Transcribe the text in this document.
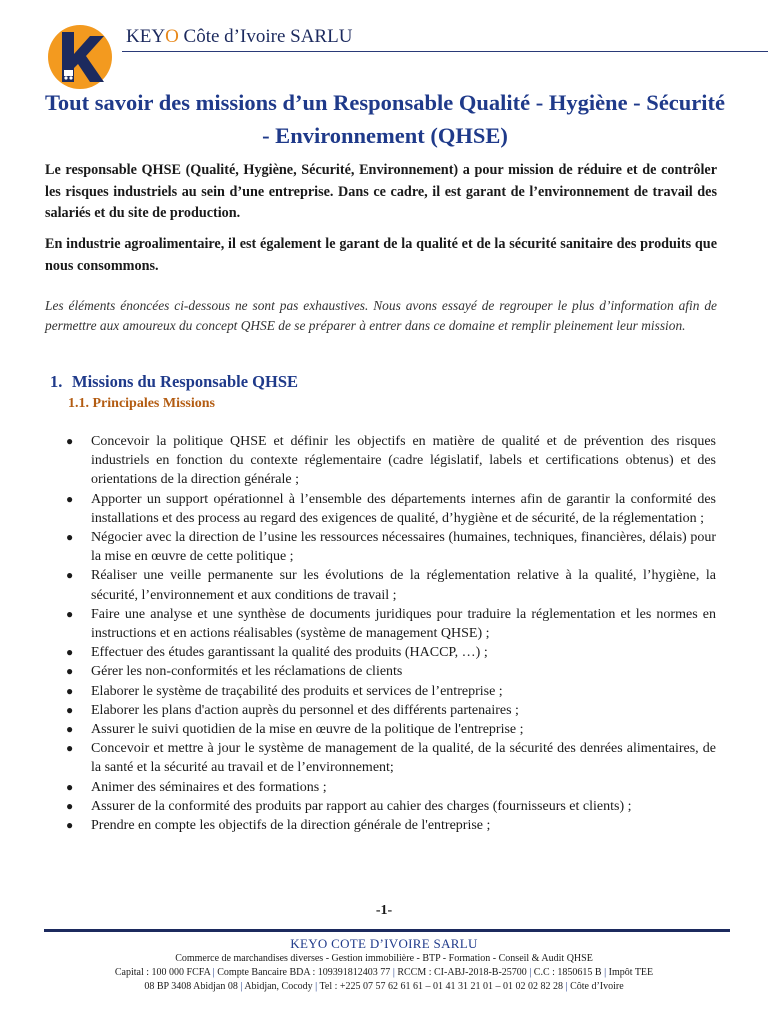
KEYO Côte d’Ivoire SARLU
Tout savoir des missions d’un Responsable Qualité - Hygiène - Sécurité - Environnement (QHSE)
Le responsable QHSE (Qualité, Hygiène, Sécurité, Environnement) a pour mission de réduire et de contrôler les risques industriels au sein d’une entreprise. Dans ce cadre, il est garant de l’environnement de travail des salariés et du site de production.
En industrie agroalimentaire, il est également le garant de la qualité et de la sécurité sanitaire des produits que nous consommons.
Les éléments énoncées ci-dessous ne sont pas exhaustives. Nous avons essayé de regrouper le plus d’information afin de permettre aux amoureux du concept QHSE de se préparer à entrer dans ce domaine et remplir pleinement leur mission.
1. Missions du Responsable QHSE
1.1. Principales Missions
●	Concevoir la politique QHSE et définir les objectifs en matière de qualité et de prévention des risques industriels en fonction du contexte réglementaire (cadre législatif, labels et certifications obtenus) et des orientations de la direction générale ;
●	Apporter un support opérationnel à l’ensemble des départements internes afin de garantir la conformité des installations et des process au regard des exigences de qualité, d’hygiène et de sécurité, de la réglementation ;
●	Négocier avec la direction de l’usine les ressources nécessaires (humaines, techniques, financières, délais) pour la mise en œuvre de cette politique ;
●	Réaliser une veille permanente sur les évolutions de la réglementation relative à la qualité, l’hygiène, la sécurité, l’environnement et aux conditions de travail ;
●	Faire une analyse et une synthèse de documents juridiques pour traduire la réglementation et les normes en instructions et en actions réalisables (système de management QHSE) ;
●	Effectuer des études garantissant la qualité des produits (HACCP, …) ;
●	Gérer les non-conformités et les réclamations de clients
●	Elaborer le système de traçabilité des produits et services de l’entreprise ;
●	Elaborer les plans d'action auprès du personnel et des différents partenaires ;
●	Assurer le suivi quotidien de la mise en œuvre de la politique de l'entreprise ;
●	Concevoir et mettre à jour le système de management de la qualité, de la sécurité des denrées alimentaires, de la santé et la sécurité au travail et de l’environnement;
●	Animer des séminaires et des formations ;
●	Assurer de la conformité des produits par rapport au cahier des charges (fournisseurs et clients) ;
●	Prendre en compte les objectifs de la direction générale de l'entreprise ;
-1-
KEYO COTE D’IVOIRE SARLU
Commerce de marchandises diverses - Gestion immobilière - BTP - Formation - Conseil & Audit QHSE
Capital : 100 000 FCFA | Compte Bancaire BDA : 109391812403 77 | RCCM : CI-ABJ-2018-B-25700 | C.C : 1850615 B | Impôt TEE
08 BP 3408 Abidjan 08 | Abidjan, Cocody | Tel : +225 07 57 62 61 61 – 01 41 31 21 01 – 01 02 02 82 28 | Côte d’Ivoire
